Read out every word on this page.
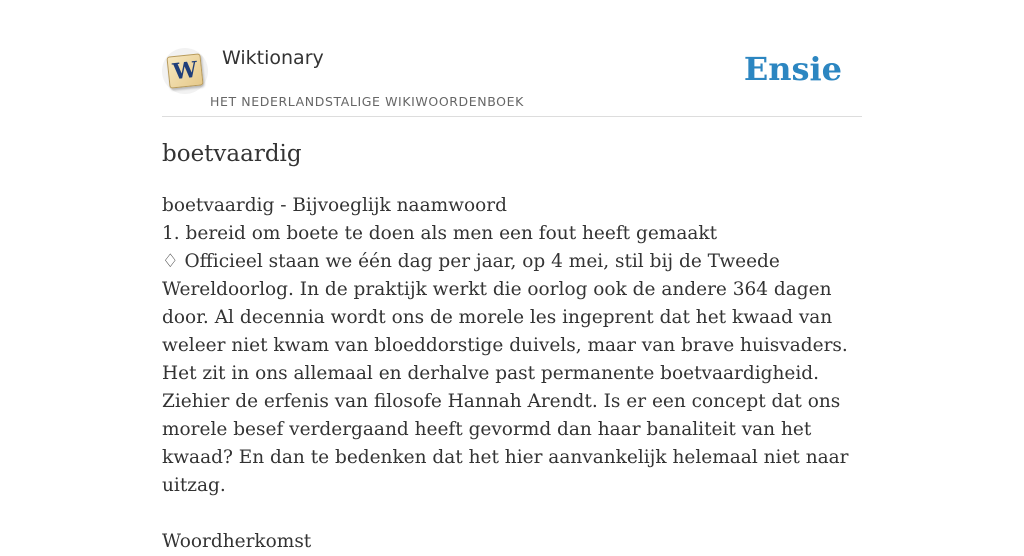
W Wiktionary
HET NEDERLANDSTALIGE WIKIWOORDENBOEK
Ensie
boetvaardig

boetvaardig - Bijvoeglijk naamwoord

1. bereid om boete te doen als men een fout heeft gemaakt

♢ Officieel staan we één dag per jaar, op 4 mei, stil bij de Tweede Wereldoorlog. In de praktijk werkt die oorlog ook de andere 364 dagen door. Al decennia wordt ons de morele les ingeprent dat het kwaad van weleer niet kwam van bloeddorstige duivels, maar van brave huisvaders. Het zit in ons allemaal en derhalve past permanente boetvaardigheid. Ziehier de erfenis van filosofe Hannah Arendt. Is er een concept dat ons morele besef verdergaand heeft gevormd dan haar banaliteit van het kwaad? En dan te bedenken dat het hier aanvankelijk helemaal niet naar uitzag.

Woordherkomst
